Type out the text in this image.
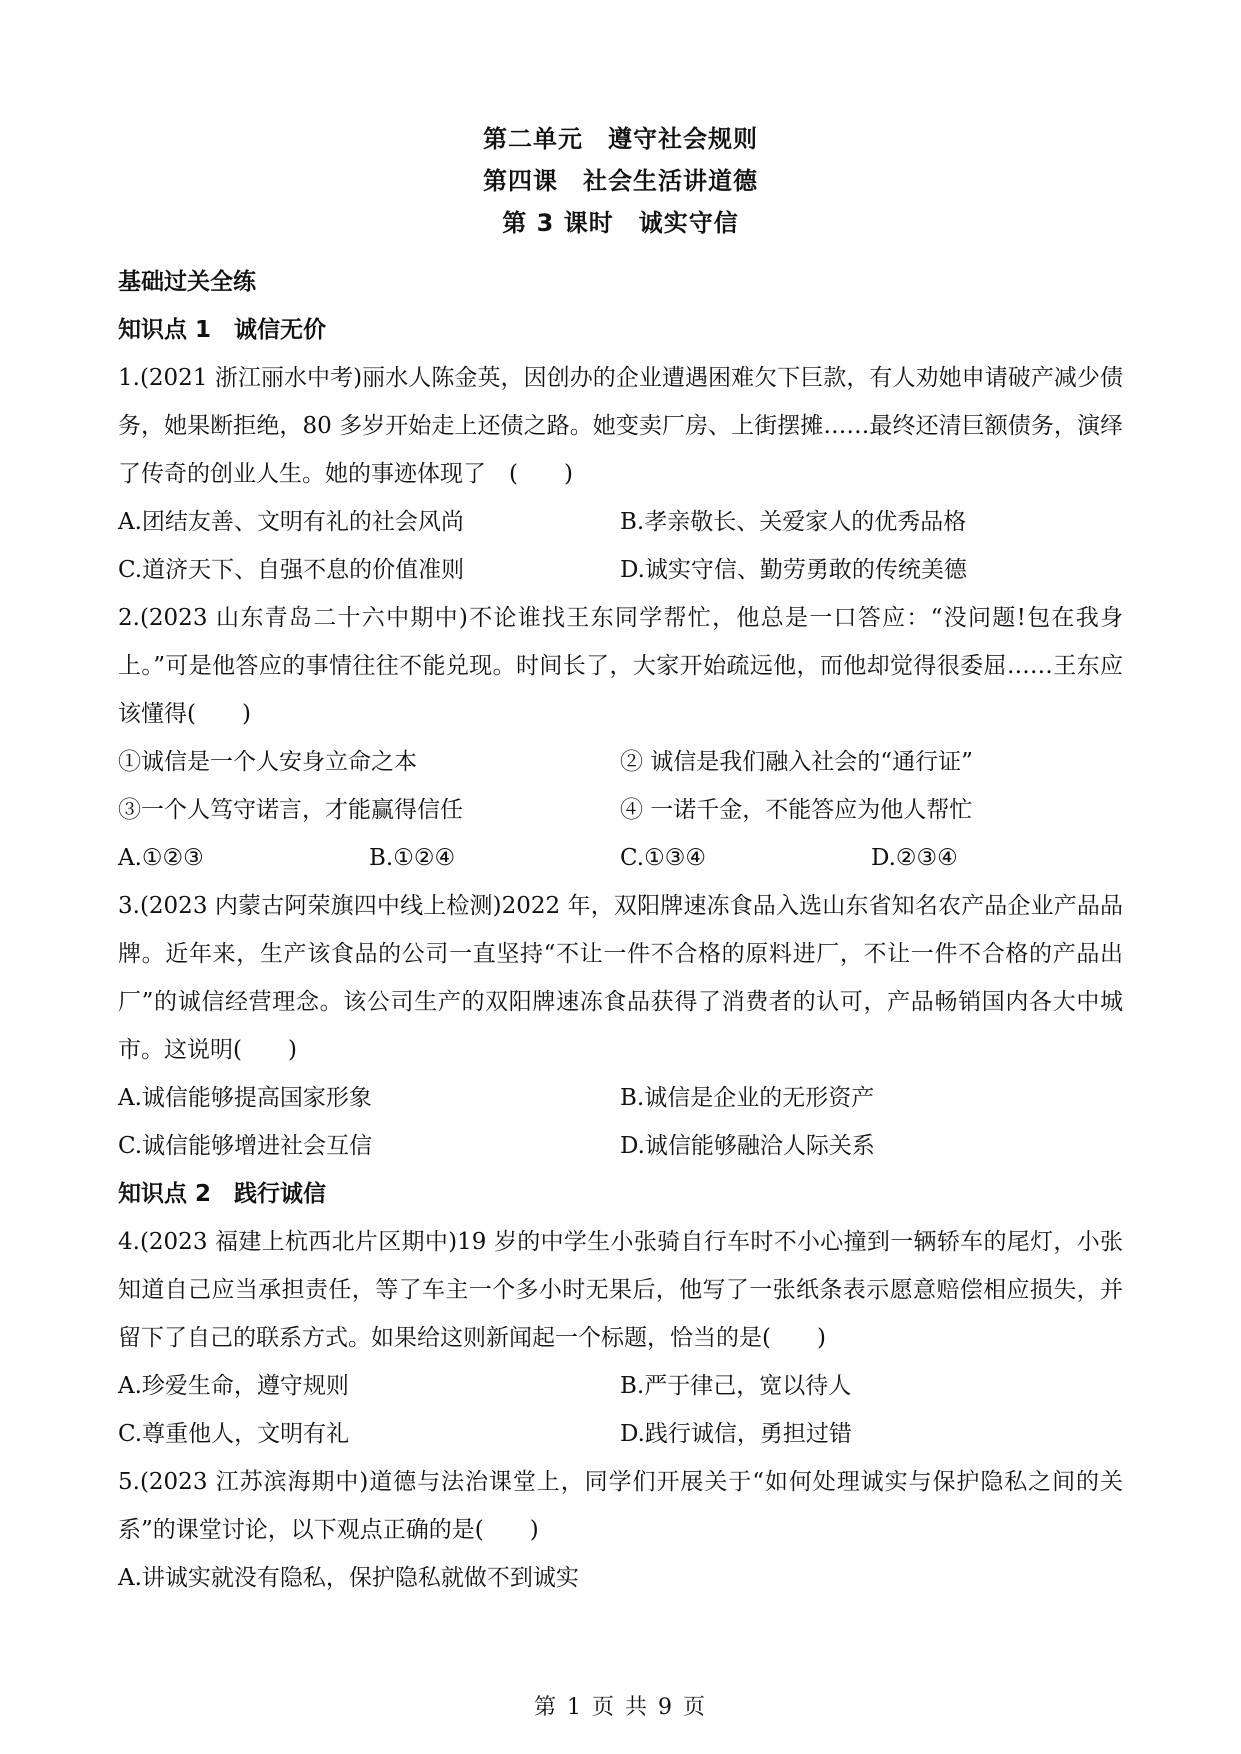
第二单元　遵守社会规则
第四课　社会生活讲道德
第 3 课时　诚实守信
基础过关全练
知识点 1　诚信无价
1.(2021 浙江丽水中考)丽水人陈金英，因创办的企业遭遇困难欠下巨款，有人劝她申请破产减少债务，她果断拒绝，80 多岁开始走上还债之路。她变卖厂房、上街摆摊……最终还清巨额债务，演绎了传奇的创业人生。她的事迹体现了　(　　)
A.团结友善、文明有礼的社会风尚	B.孝亲敬长、关爱家人的优秀品格
C.道济天下、自强不息的价值准则	D.诚实守信、勤劳勇敢的传统美德
2.(2023 山东青岛二十六中期中)不论谁找王东同学帮忙，他总是一口答应：“没问题!包在我身上。”可是他答应的事情往往不能兑现。时间长了，大家开始疏远他，而他却觉得很委屈……王东应该懂得(　　)
①诚信是一个人安身立命之本	② 诚信是我们融入社会的“通行证”
③一个人笃守诺言，才能赢得信任	④ 一诺千金，不能答应为他人帮忙
A.①②③	B.①②④	C.①③④	D.②③④
3.(2023 内蒙古阿荣旗四中线上检测)2022 年，双阳牌速冻食品入选山东省知名农产品企业产品品牌。近年来，生产该食品的公司一直坚持“不让一件不合格的原料进厂，不让一件不合格的产品出厂”的诚信经营理念。该公司生产的双阳牌速冻食品获得了消费者的认可，产品畅销国内各大中城市。这说明(　　)
A.诚信能够提高国家形象	B.诚信是企业的无形资产
C.诚信能够增进社会互信	D.诚信能够融洽人际关系
知识点 2　践行诚信
4.(2023 福建上杭西北片区期中)19 岁的中学生小张骑自行车时不小心撞到一辆轿车的尾灯，小张知道自己应当承担责任，等了车主一个多小时无果后，他写了一张纸条表示愿意赔偿相应损失，并留下了自己的联系方式。如果给这则新闻起一个标题，恰当的是(　　)
A.珍爱生命，遵守规则	B.严于律己，宽以待人
C.尊重他人，文明有礼	D.践行诚信，勇担过错
5.(2023 江苏滨海期中)道德与法治课堂上，同学们开展关于“如何处理诚实与保护隐私之间的关系”的课堂讨论，以下观点正确的是(　　)
A.讲诚实就没有隐私，保护隐私就做不到诚实
第 1 页 共 9 页
